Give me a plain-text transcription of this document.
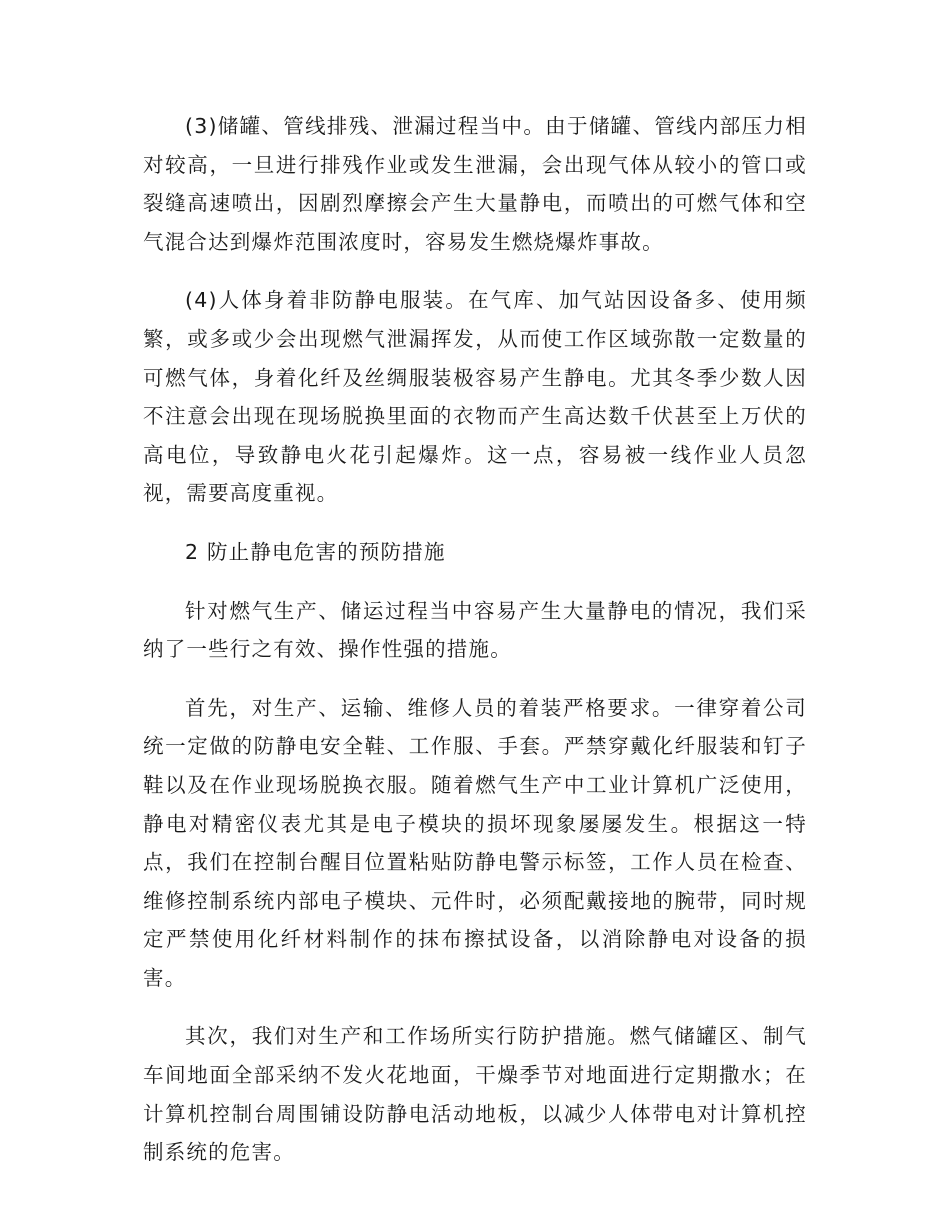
(3)储罐、管线排残、泄漏过程当中。由于储罐、管线内部压力相对较高，一旦进行排残作业或发生泄漏，会出现气体从较小的管口或裂缝高速喷出，因剧烈摩擦会产生大量静电，而喷出的可燃气体和空气混合达到爆炸范围浓度时，容易发生燃烧爆炸事故。

(4)人体身着非防静电服装。在气库、加气站因设备多、使用频繁，或多或少会出现燃气泄漏挥发，从而使工作区域弥散一定数量的可燃气体，身着化纤及丝绸服装极容易产生静电。尤其冬季少数人因不注意会出现在现场脱换里面的衣物而产生高达数千伏甚至上万伏的高电位，导致静电火花引起爆炸。这一点，容易被一线作业人员忽视，需要高度重视。

2 防止静电危害的预防措施

针对燃气生产、储运过程当中容易产生大量静电的情况，我们采纳了一些行之有效、操作性强的措施。

首先，对生产、运输、维修人员的着装严格要求。一律穿着公司统一定做的防静电安全鞋、工作服、手套。严禁穿戴化纤服装和钉子鞋以及在作业现场脱换衣服。随着燃气生产中工业计算机广泛使用，静电对精密仪表尤其是电子模块的损坏现象屡屡发生。根据这一特点，我们在控制台醒目位置粘贴防静电警示标签，工作人员在检查、维修控制系统内部电子模块、元件时，必须配戴接地的腕带，同时规定严禁使用化纤材料制作的抹布擦拭设备，以消除静电对设备的损害。

其次，我们对生产和工作场所实行防护措施。燃气储罐区、制气车间地面全部采纳不发火花地面，干燥季节对地面进行定期撒水；在计算机控制台周围铺设防静电活动地板，以减少人体带电对计算机控制系统的危害。
